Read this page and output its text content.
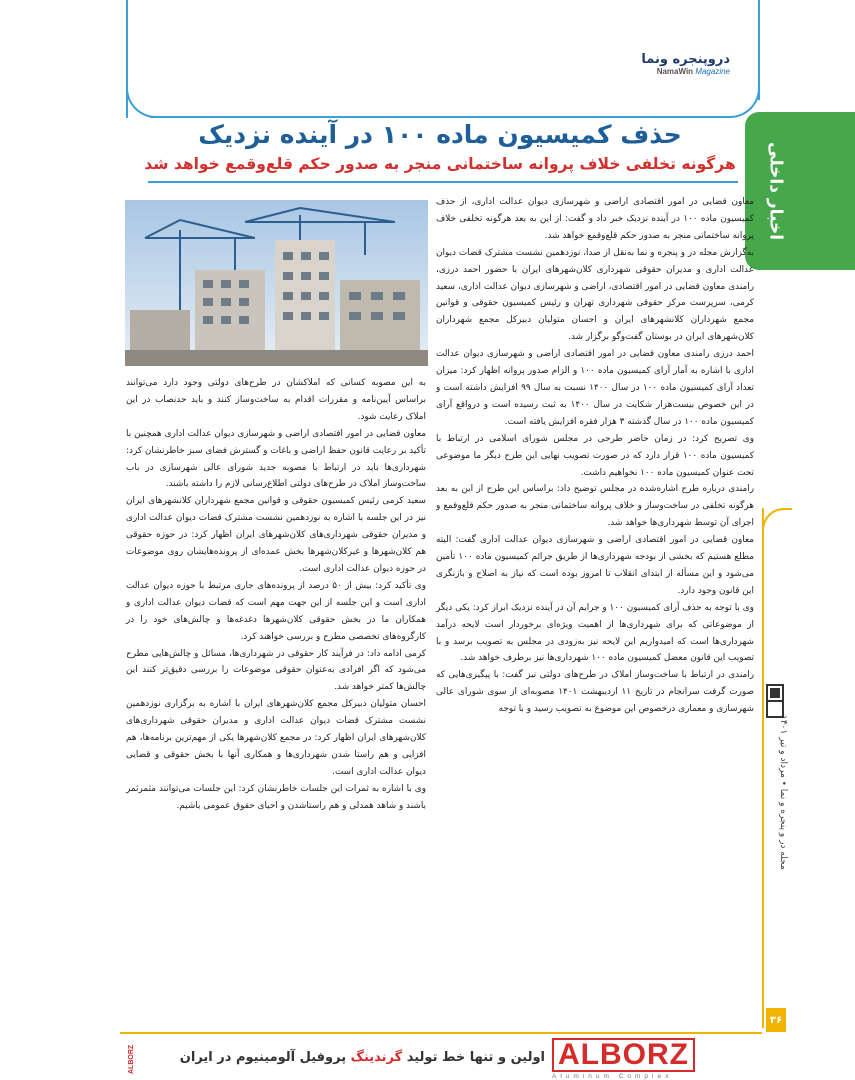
دروپنجره ونما
NamaWin Magazine
اخبار داخلی
حذف کمیسیون ماده ۱۰۰ در آینده نزدیک
هرگونه تخلفی خلاف پروانه ساختمانی منجر به صدور حکم قلع‌وقمع خواهد شد

معاون قضایی در امور اقتصادی اراضی و شهرسازی دیوان عدالت اداری، از حذف کمیسیون ماده ۱۰۰ در آینده نزدیک خبر داد و گفت: از این به بعد هرگونه تخلفی خلاف پروانه ساختمانی منجر به صدور حکم قلع‌وقمع خواهد شد.

به‌گزارش مجله در و پنجره و نما به‌نقل از صدا، نوزدهمین نشست مشترک قضات دیوان عدالت اداری و مدیران حقوقی شهرداری کلان‌شهرهای ایران با حضور احمد درزی، رامندی معاون قضایی در امور اقتصادی، اراضی و شهرسازی دیوان عدالت اداری، سعید کرمی، سرپرست مرکز حقوقی شهرداری تهران و رئیس کمیسیون حقوقی و قوانین مجمع شهرداران کلانشهرهای ایران و احسان متولیان دبیرکل مجمع شهرداران کلان‌شهرهای ایران در بوستان گفت‌وگو برگزار شد.

احمد درزی رامندی معاون قضایی در امور اقتصادی اراضی و شهرسازی دیوان عدالت اداری با اشاره به آمار آرای کمیسیون ماده ۱۰۰ و الزام صدور پروانه اظهار کرد: میزان تعداد آرای کمیسیون ماده ۱۰۰ در سال ۱۴۰۰ نسبت به سال ۹۹ افزایش داشته است و در این خصوص بیست‌هزار شکایت در سال ۱۴۰۰ به ثبت رسیده است و درواقع آرای کمیسیون ماده ۱۰۰ در سال گذشته ۳ هزار فقره افزایش یافته است.

وی تصریح کرد: در زمان حاضر طرحی در مجلس شورای اسلامی در ارتباط با کمیسیون ماده ۱۰۰ قرار دارد که در صورت تصویب نهایی این طرح دیگر ما موضوعی تحت عنوان کمیسیون ماده ۱۰۰ نخواهیم داشت.

رامندی درباره طرح اشاره‌شده در مجلس توضیح داد: براساس این طرح از این به بعد هرگونه تخلفی در ساخت‌وساز و خلاف پروانه ساختمانی منجر به صدور حکم قلع‌وقمع و اجرای آن توسط شهرداری‌ها خواهد شد.

معاون قضایی در امور اقتصادی اراضی و شهرسازی دیوان عدالت اداری گفت: البته مطلع هستیم که بخشی از بودجه شهرداری‌ها از طریق جرائم کمیسیون ماده ۱۰۰ تأمین می‌شود و این مسأله از ابتدای انقلاب تا امروز بوده است که نیاز به اصلاح و بازنگری این قانون وجود دارد.

وی با توجه به حذف آرای کمیسیون ۱۰۰ و جرایم آن در آینده نزدیک ابراز کرد: یکی دیگر از موضوعاتی که برای شهرداری‌ها از اهمیت ویژه‌ای برخوردار است لایحه درآمد شهرداری‌ها است که امیدواریم این لایحه نیز به‌زودی در مجلس به تصویب برسد و با تصویب این قانون معضل کمیسیون ماده ۱۰۰ شهرداری‌ها نیز برطرف خواهد شد.

رامندی در ارتباط با ساخت‌وساز املاک در طرح‌های دولتی نیز گفت: با پیگیری‌هایی که صورت گرفت سرانجام در تاریخ ۱۱ اردیبهشت ۱۴۰۱ مصوبه‌ای از سوی شورای عالی شهرسازی و معماری درخصوص این موضوع به تصویب رسید و با توجه

به این مصوبه کسانی که املاکشان در طرح‌های دولتی وجود دارد می‌توانند براساس آیین‌نامه و مقررات اقدام به ساخت‌وساز کنند و باید حدنصاب در این املاک رعایت شود.

معاون قضایی در امور اقتصادی اراضی و شهرسازی دیوان عدالت اداری همچنین با تأکید بر رعایت قانون حفظ اراضی و باغات و گسترش فضای سبز خاطرنشان کرد: شهرداری‌ها باید در ارتباط با مصوبه جدید شورای عالی شهرسازی در باب ساخت‌وساز املاک در طرح‌های دولتی اطلاع‌رسانی لازم را داشته باشند.

سعید کرمی رئیس کمیسیون حقوقی و قوانین مجمع شهرداران کلانشهرهای ایران نیز در این جلسه با اشاره به نوزدهمین نشست مشترک قضات دیوان عدالت اداری و مدیران حقوقی شهرداری‌های کلان‌شهرهای ایران اظهار کرد: در حوزه حقوقی هم کلان‌شهرها و غیرکلان‌شهرها بخش عمده‌ای از پرونده‌هایشان روی موضوعات در حوزه دیوان عدالت اداری است.

وی تأکید کرد: بیش از ۵۰ درصد از پرونده‌های جاری مرتبط با حوزه دیوان عدالت اداری است و این جلسه از این جهت مهم است که قضات دیوان عدالت اداری و همکاران ما در بخش حقوقی کلان‌شهرها دغدغه‌ها و چالش‌های خود را در کارگروه‌های تخصصی مطرح و بررسی خواهند کرد.

کرمی ادامه داد: در فرآیند کار حقوقی در شهرداری‌ها، مسائل و چالش‌هایی مطرح می‌شود که اگر افرادی به‌عنوان حقوقی موضوعات را بررسی دقیق‌تر کنند این چالش‌ها کمتر خواهد شد.

احسان متولیان دبیرکل مجمع کلان‌شهرهای ایران با اشاره به برگزاری نوزدهمین نشست مشترک قضات دیوان عدالت اداری و مدیران حقوقی شهرداری‌های کلان‌شهرهای ایران اظهار کرد: در مجمع کلان‌شهرها یکی از مهم‌ترین برنامه‌ها، هم افزایی و هم راستا شدن شهرداری‌ها و همکاری آنها با بخش حقوقی و قضایی دیوان عدالت اداری است.

وی با اشاره به ثمرات این جلسات خاطرنشان کرد: این جلسات می‌توانند مثمرثمر باشند و شاهد همدلی و هم راستاشدن و احیای حقوق عمومی باشیم.

مجله در و پنجره و نما • مرداد و تیر ۱۴۰۱
۳۶
ALBORZ	اولین و تنها خط تولید گرندینگ پروفیل آلومینیوم در ایران	ALBORZ
Aluminum Complex
